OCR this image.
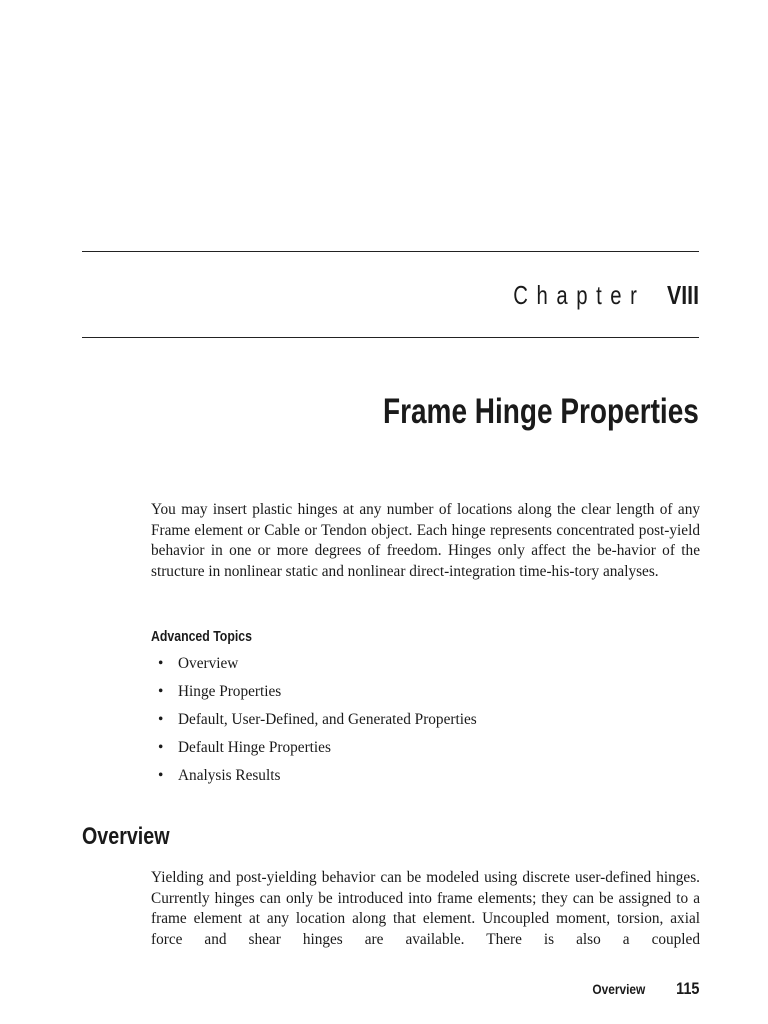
Chapter VIII
Frame Hinge Properties

You may insert plastic hinges at any number of locations along the clear length of any Frame element or Cable or Tendon object. Each hinge represents concentrated post-yield behavior in one or more degrees of freedom. Hinges only affect the be-havior of the structure in nonlinear static and nonlinear direct-integration time-his-tory analyses.

Advanced Topics
• Overview
• Hinge Properties
• Default, User-Defined, and Generated Properties
• Default Hinge Properties
• Analysis Results
Overview

Yielding and post-yielding behavior can be modeled using discrete user-defined hinges. Currently hinges can only be introduced into frame elements; they can be assigned to a frame element at any location along that element. Uncoupled moment, torsion, axial force and shear hinges are available. There is also a coupled

Overview 115
